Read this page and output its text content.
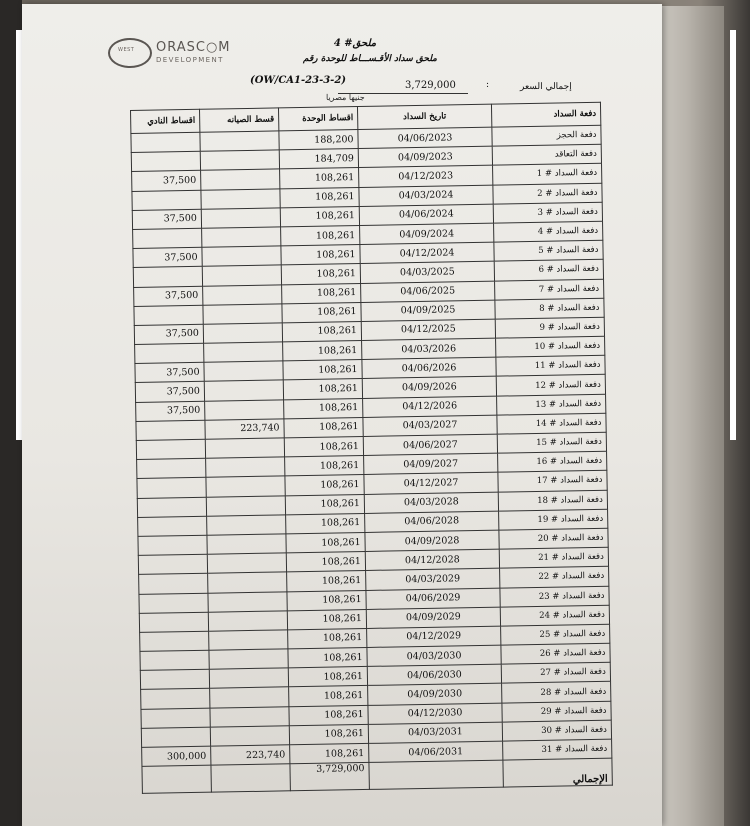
WEST ORASC○M
DEVELOPMENT
ملحق# 4
ملحق سداد الأقـســـاط للوحدة رقم
(OW/CA1-23-3-2)
إجمالي السعر
:
3,729,000
جنيها مصريا
اقساط النادي	قسط الصيانه	اقساط الوحدة	تاريخ السداد	دفعة السداد
		188,200	04/06/2023	دفعة الحجز
		184,709	04/09/2023	دفعة التعاقد
37,500		108,261	04/12/2023	دفعة السداد # 1
		108,261	04/03/2024	دفعة السداد # 2
37,500		108,261	04/06/2024	دفعة السداد # 3
		108,261	04/09/2024	دفعة السداد # 4
37,500		108,261	04/12/2024	دفعة السداد # 5
		108,261	04/03/2025	دفعة السداد # 6
37,500		108,261	04/06/2025	دفعة السداد # 7
		108,261	04/09/2025	دفعة السداد # 8
37,500		108,261	04/12/2025	دفعة السداد # 9
		108,261	04/03/2026	دفعة السداد # 10
37,500		108,261	04/06/2026	دفعة السداد # 11
37,500		108,261	04/09/2026	دفعة السداد # 12
37,500		108,261	04/12/2026	دفعة السداد # 13
	223,740	108,261	04/03/2027	دفعة السداد # 14
		108,261	04/06/2027	دفعة السداد # 15
		108,261	04/09/2027	دفعة السداد # 16
		108,261	04/12/2027	دفعة السداد # 17
		108,261	04/03/2028	دفعة السداد # 18
		108,261	04/06/2028	دفعة السداد # 19
		108,261	04/09/2028	دفعة السداد # 20
		108,261	04/12/2028	دفعة السداد # 21
		108,261	04/03/2029	دفعة السداد # 22
		108,261	04/06/2029	دفعة السداد # 23
		108,261	04/09/2029	دفعة السداد # 24
		108,261	04/12/2029	دفعة السداد # 25
		108,261	04/03/2030	دفعة السداد # 26
		108,261	04/06/2030	دفعة السداد # 27
		108,261	04/09/2030	دفعة السداد # 28
		108,261	04/12/2030	دفعة السداد # 29
		108,261	04/03/2031	دفعة السداد # 30
300,000	223,740	108,261	04/06/2031	دفعة السداد # 31
		3,729,000		الإجمالي
